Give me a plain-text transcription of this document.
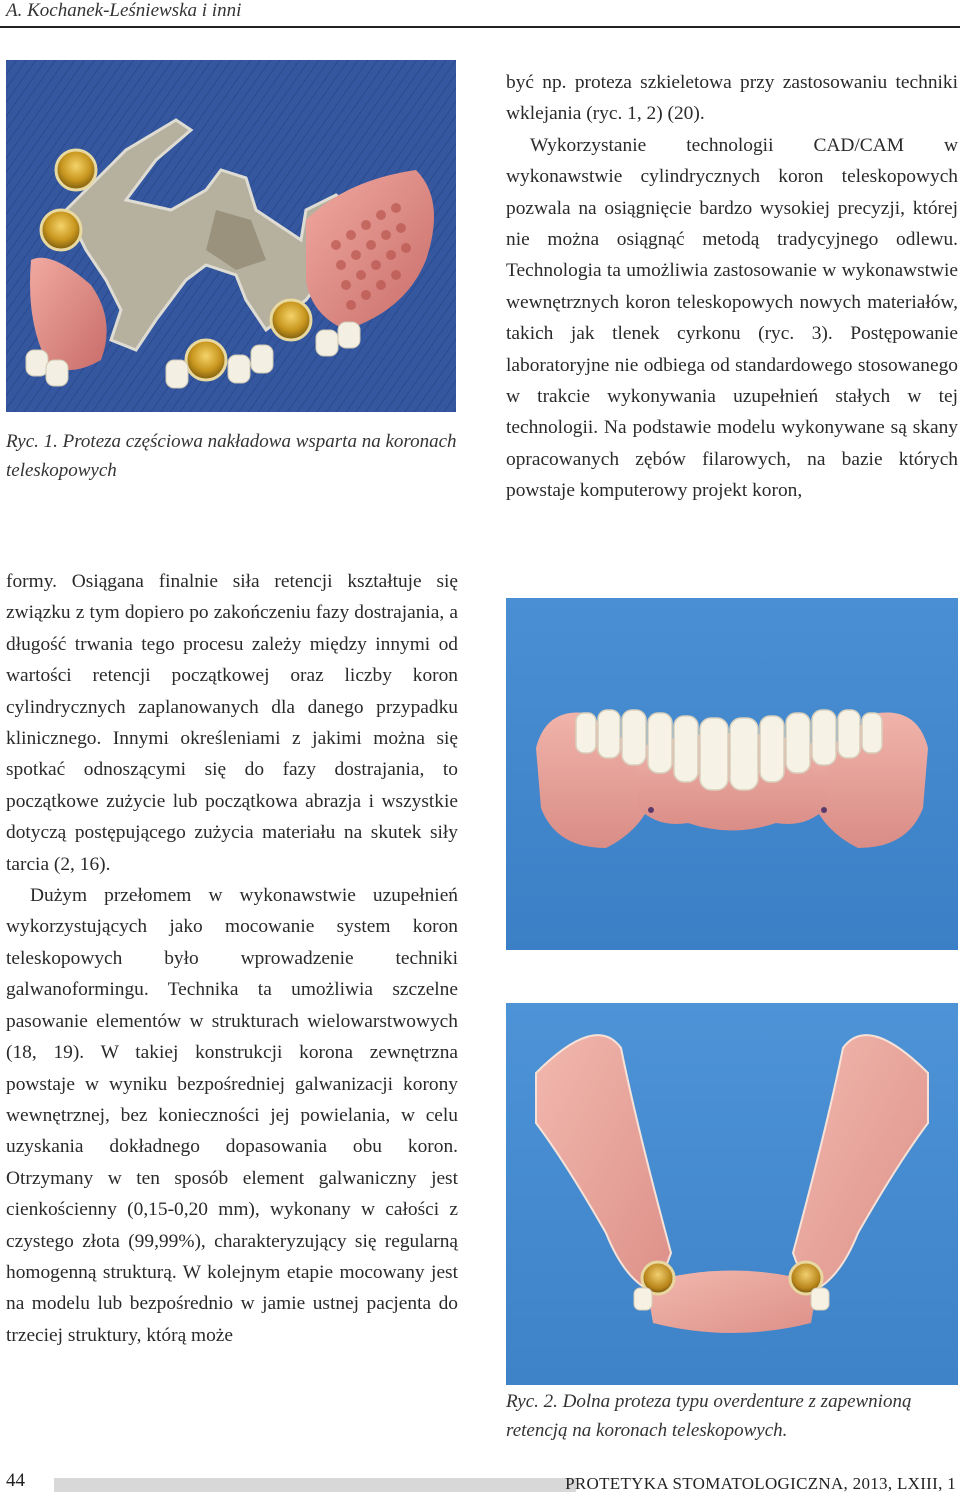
A. Kochanek-Leśniewska i inni
Ryc. 1. Proteza częściowa nakładowa wsparta na koronach teleskopowych

formy. Osiągana finalnie siła retencji kształtuje się związku z tym dopiero po zakończeniu fazy dostrajania, a długość trwania tego procesu zależy między innymi od wartości retencji początkowej oraz liczby koron cylindrycznych zaplanowanych dla danego przypadku klinicznego. Innymi określeniami z jakimi można się spotkać odnoszącymi się do fazy dostrajania, to początkowe zużycie lub początkowa abrazja i wszystkie dotyczą postępującego zużycia materiału na skutek siły tarcia (2, 16).

Dużym przełomem w wykonawstwie uzupełnień wykorzystujących jako mocowanie system koron teleskopowych było wprowadzenie techniki galwanoformingu. Technika ta umożliwia szczelne pasowanie elementów w strukturach wielowarstwowych (18, 19). W takiej konstrukcji korona zewnętrzna powstaje w wyniku bezpośredniej galwanizacji korony wewnętrznej, bez konieczności jej powielania, w celu uzyskania dokładnego dopasowania obu koron. Otrzymany w ten sposób element galwaniczny jest cienkościenny (0,15-0,20 mm), wykonany w całości z czystego złota (99,99%), charakteryzujący się regularną homogenną strukturą. W kolejnym etapie mocowany jest na modelu lub bezpośrednio w jamie ustnej pacjenta do trzeciej struktury, którą może

być np. proteza szkieletowa przy zastosowaniu techniki wklejania (ryc. 1, 2) (20).

Wykorzystanie technologii CAD/CAM w wykonawstwie cylindrycznych koron teleskopowych pozwala na osiągnięcie bardzo wysokiej precyzji, której nie można osiągnąć metodą tradycyjnego odlewu. Technologia ta umożliwia zastosowanie w wykonawstwie wewnętrznych koron teleskopowych nowych materiałów, takich jak tlenek cyrkonu (ryc. 3). Postępowanie laboratoryjne nie odbiega od standardowego stosowanego w trakcie wykonywania uzupełnień stałych w tej technologii. Na podstawie modelu wykonywane są skany opracowanych zębów filarowych, na bazie których powstaje komputerowy projekt koron,

Ryc. 2. Dolna proteza typu overdenture z zapewnioną retencją na koronach teleskopowych.
44	PROTETYKA STOMATOLOGICZNA, 2013, LXIII, 1
